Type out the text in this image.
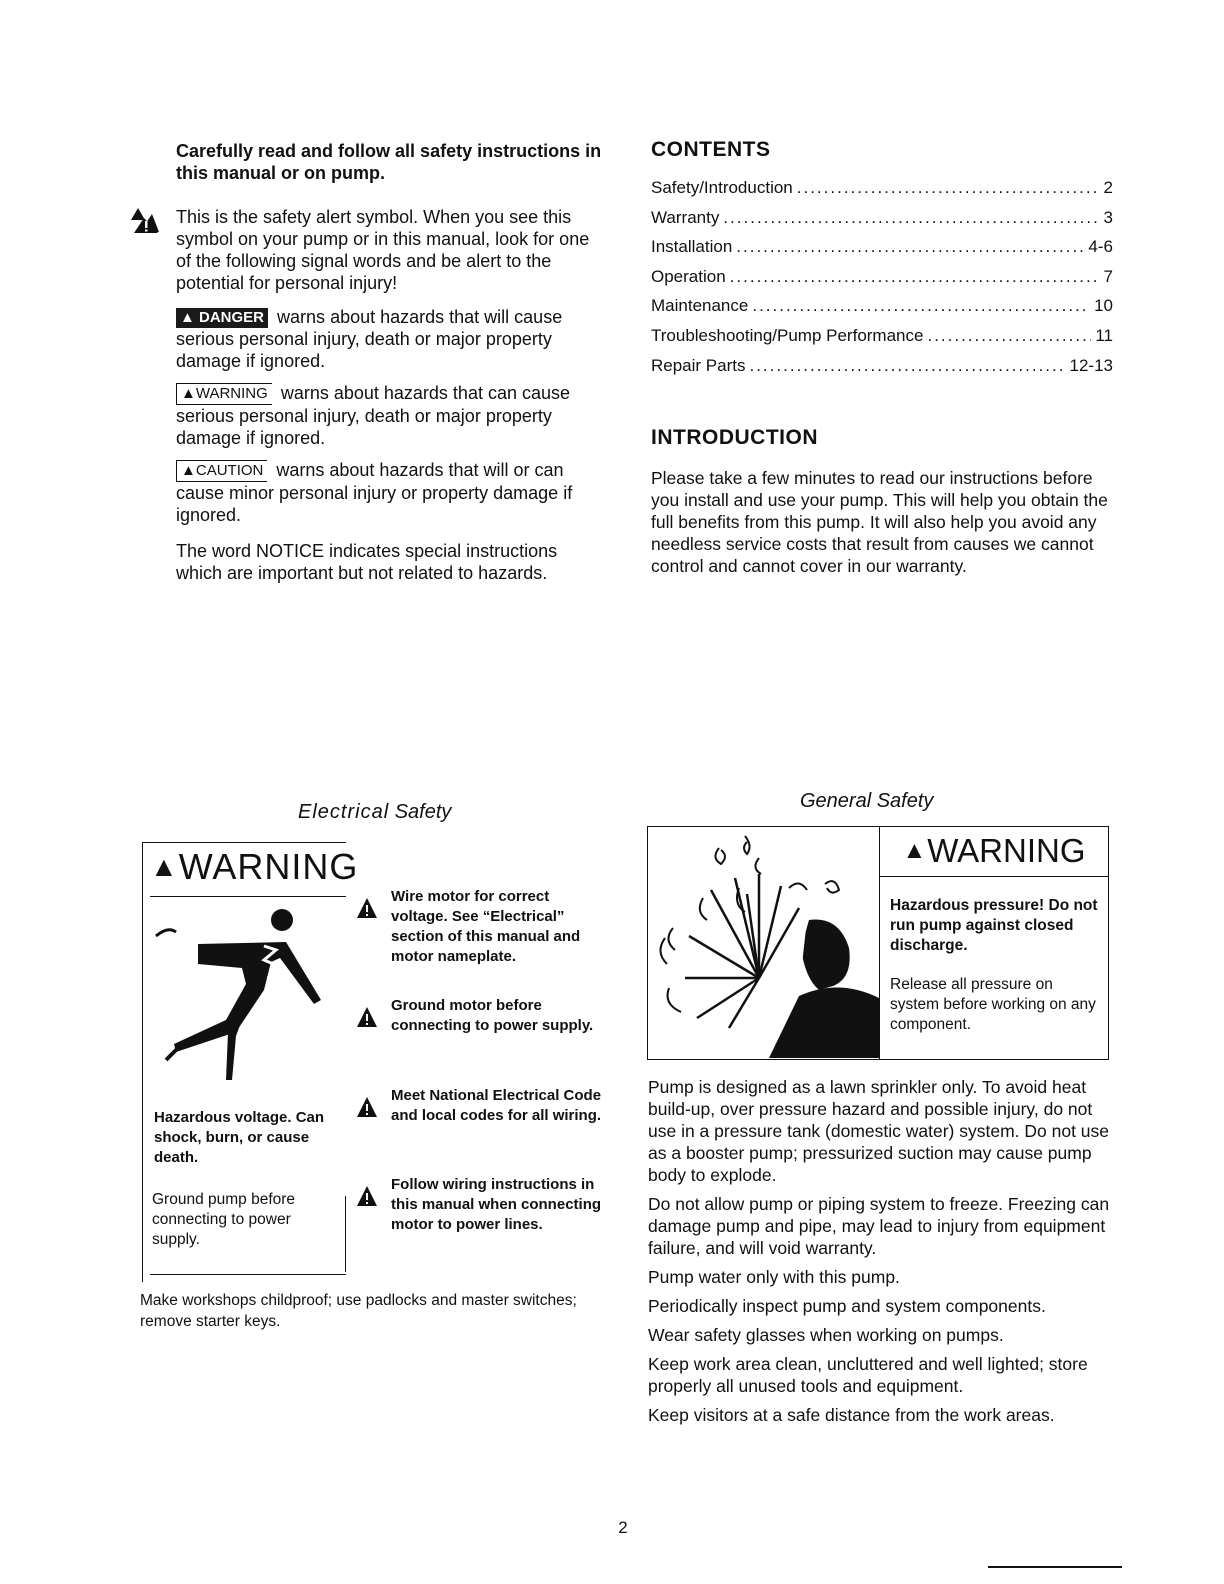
Carefully read and follow all safety instructions in this manual or on pump.

This is the safety alert symbol. When you see this symbol on your pump or in this manual, look for one of the following signal words and be alert to the potential for personal injury!

▲ DANGER warns about hazards that will cause serious personal injury, death or major property damage if ignored.

▲WARNING warns about hazards that can cause serious personal injury, death or major property damage if ignored.

▲CAUTION warns about hazards that will or can cause minor personal injury or property damage if ignored.

The word NOTICE indicates special instructions which are important but not related to hazards.

CONTENTS
Safety/Introduction .....	2
Warranty .....	3
Installation .....	4-6
Operation .....	7
Maintenance .....	10
Troubleshooting/Pump Performance .....	11
Repair Parts .....	12-13
INTRODUCTION

Please take a few minutes to read our instructions before you install and use your pump. This will help you obtain the full benefits from this pump. It will also help you avoid any needless service costs that result from causes we cannot control and cannot cover in our warranty.

Electrical Safety
▲WARNING
Hazardous voltage. Can shock, burn, or cause death.
Ground pump before connecting to power supply.
Wire motor for correct voltage. See “Electrical” section of this manual and motor nameplate.
Ground motor before connecting to power supply.
Meet National Electrical Code and local codes for all wiring.
Follow wiring instructions in this manual when connecting motor to power lines.
Make workshops childproof; use padlocks and master switches; remove starter keys.
General Safety
▲ WARNING
Hazardous pressure! Do not run pump against closed discharge.
Release all pressure on system before working on any component.

Pump is designed as a lawn sprinkler only. To avoid heat build-up, over pressure hazard and possible injury, do not use in a pressure tank (domestic water) system. Do not use as a booster pump; pressurized suction may cause pump body to explode.

Do not allow pump or piping system to freeze. Freezing can damage pump and pipe, may lead to injury from equipment failure, and will void warranty.

Pump water only with this pump.

Periodically inspect pump and system components.

Wear safety glasses when working on pumps.

Keep work area clean, uncluttered and well lighted; store properly all unused tools and equipment.

Keep visitors at a safe distance from the work areas.

2
